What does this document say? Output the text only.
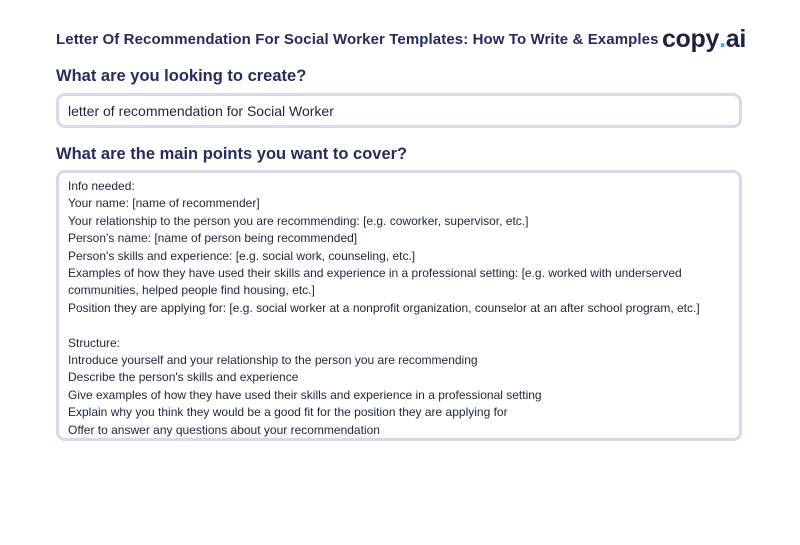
Letter Of Recommendation For Social Worker Templates: How To Write & Examples copy . ai
What are you looking to create?
letter of recommendation for Social Worker
What are the main points you want to cover?
Info needed:
Your name: [name of recommender]
Your relationship to the person you are recommending: [e.g. coworker, supervisor, etc.]
Person's name: [name of person being recommended]
Person's skills and experience: [e.g. social work, counseling, etc.]
Examples of how they have used their skills and experience in a professional setting: [e.g. worked with underserved communities, helped people find housing, etc.]
Position they are applying for: [e.g. social worker at a nonprofit organization, counselor at an after school program, etc.]
Structure:
Introduce yourself and your relationship to the person you are recommending
Describe the person's skills and experience
Give examples of how they have used their skills and experience in a professional setting
Explain why you think they would be a good fit for the position they are applying for
Offer to answer any questions about your recommendation
